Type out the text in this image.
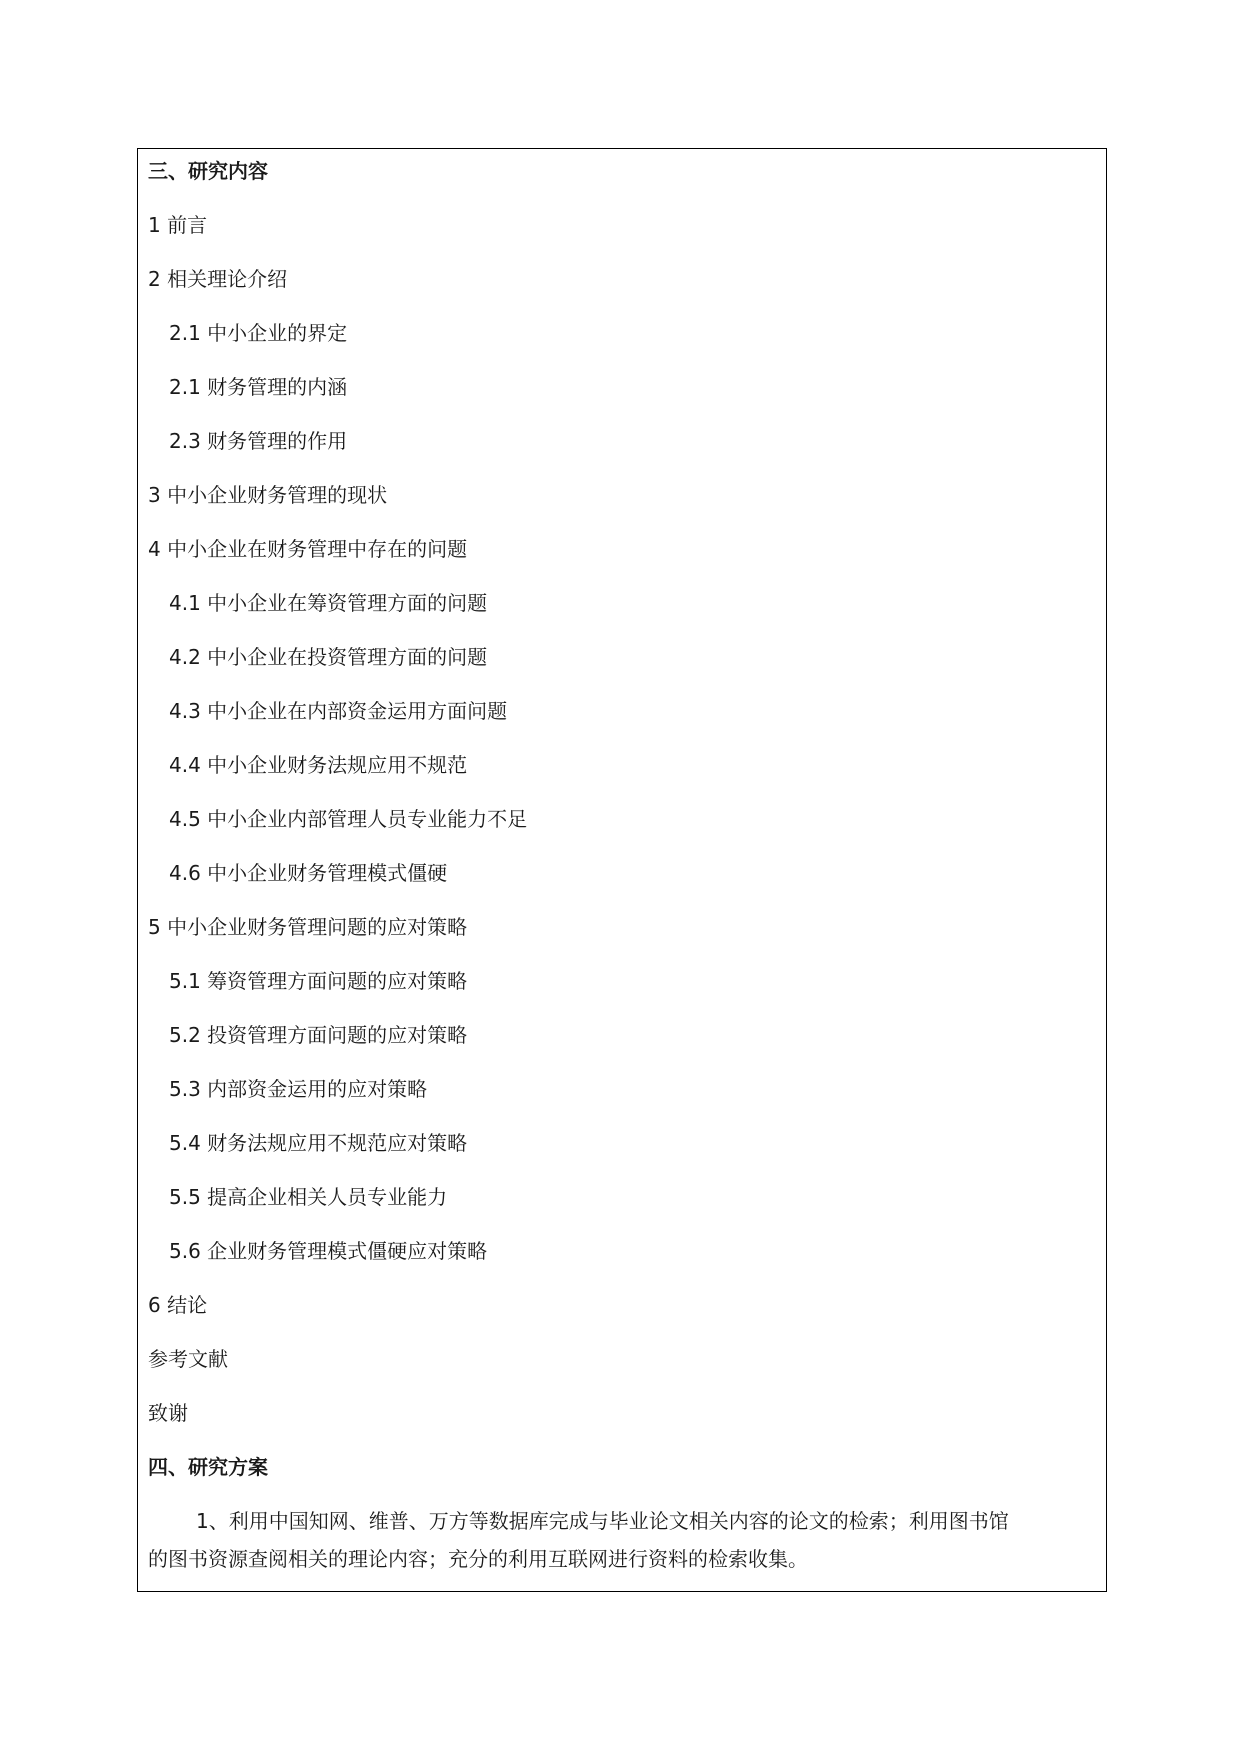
三、研究内容
1 前言
2 相关理论介绍
2.1 中小企业的界定
2.1 财务管理的内涵
2.3 财务管理的作用
3 中小企业财务管理的现状
4 中小企业在财务管理中存在的问题
4.1 中小企业在筹资管理方面的问题
4.2 中小企业在投资管理方面的问题
4.3 中小企业在内部资金运用方面问题
4.4 中小企业财务法规应用不规范
4.5 中小企业内部管理人员专业能力不足
4.6 中小企业财务管理模式僵硬
5 中小企业财务管理问题的应对策略
5.1 筹资管理方面问题的应对策略
5.2 投资管理方面问题的应对策略
5.3 内部资金运用的应对策略
5.4 财务法规应用不规范应对策略
5.5 提高企业相关人员专业能力
5.6 企业财务管理模式僵硬应对策略
6 结论
参考文献
致谢
四、研究方案
1、利用中国知网、维普、万方等数据库完成与毕业论文相关内容的论文的检索；利用图书馆
的图书资源查阅相关的理论内容；充分的利用互联网进行资料的检索收集。
